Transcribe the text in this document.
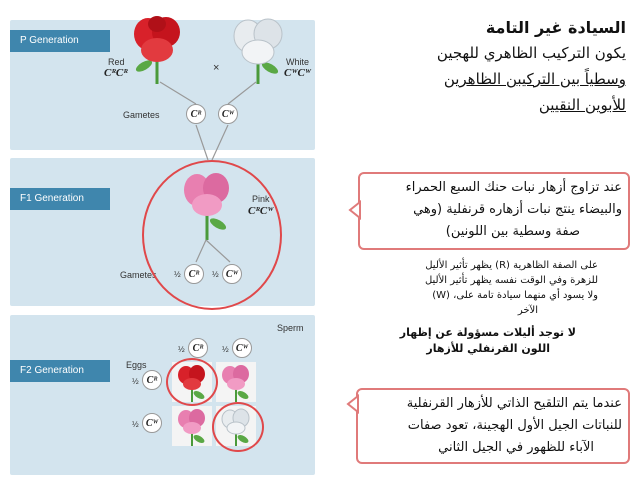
P Generation
Red
CᴿCᴿ	×	White
CᵂCᵂ
Gametes	Cᴿ	Cᵂ
F1 Generation	Pink
CᴿCᵂ
Gametes ½ Cᴿ	½ Cᵂ
F2 Generation
Sperm
Eggs
½ Cᴿ	½ Cᵂ
½ Cᴿ
½ Cᵂ
السيادة غير التامة
يكون التركيب الظاهري للهجين
وسطياً بين التركيبن الظاهرين
للأبوين النقيين
عند تزاوج أزهار نبات حنك السبع الحمراء
والبيضاء ينتج نبات أزهاره قرنفلية (وهي
صفة وسطية بين اللونين)
على الصفة الظاهرية (R) يظهر تأثير الأليل
للزهرة وفي الوقت نفسه يظهر تأثير الأليل
ولا يسود أي منهما سيادة تامة على، (W)
الآخر
لا توجد أليلات مسؤولة عن إظهار
اللون القرنفلي للأزهار
عندما يتم التلقيح الذاتي للأزهار القرنفلية
للنباتات الجيل الأول الهجينة، تعود صفات
الآباء للظهور في الجيل الثاني
